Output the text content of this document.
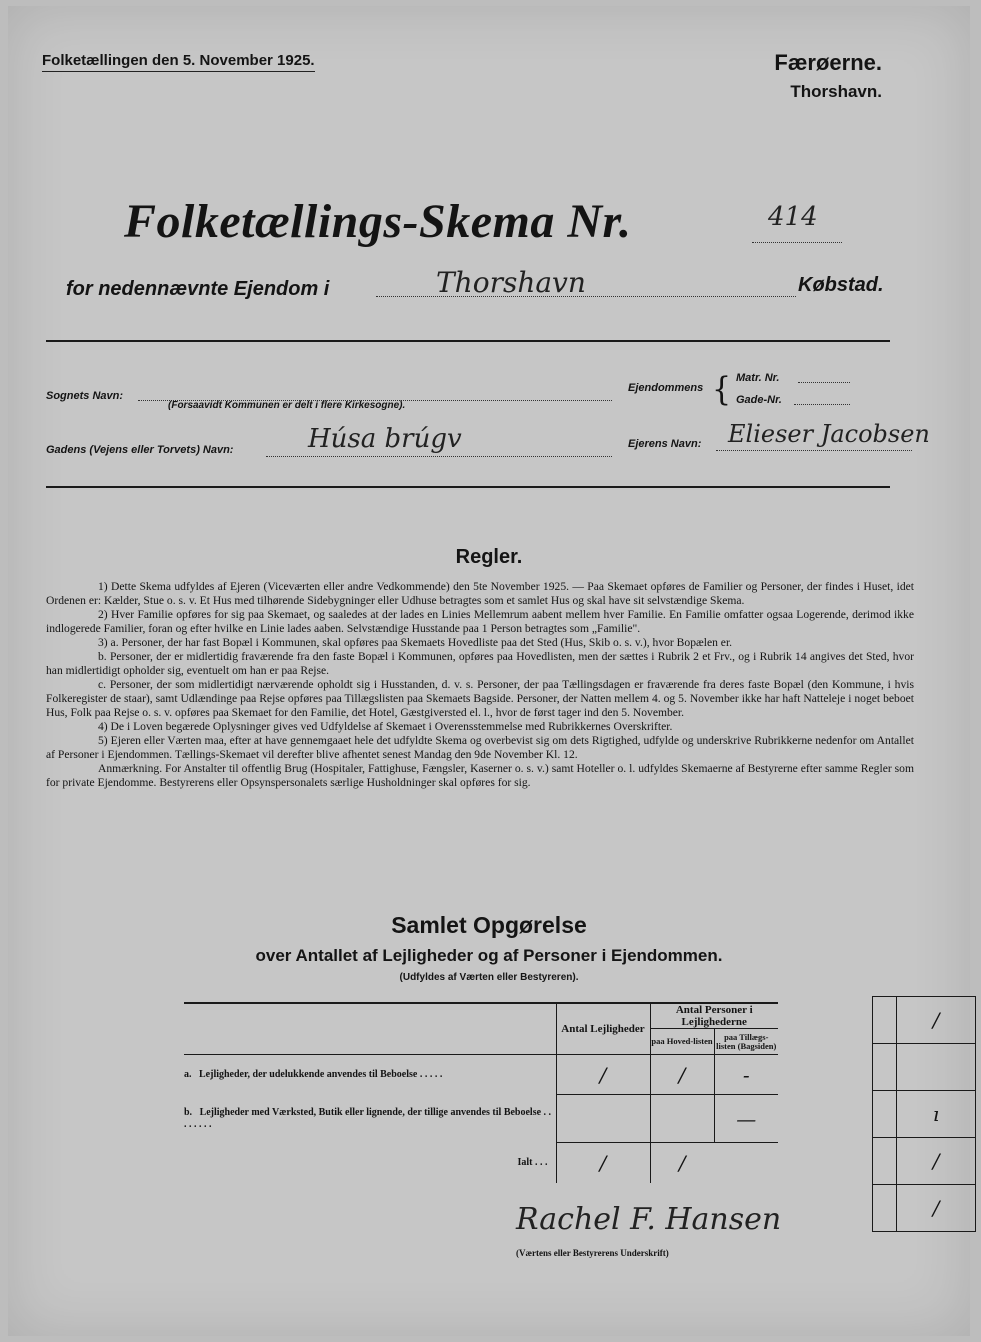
Folketællingen den 5. November 1925.	Færøerne.
Thorshavn.
Folketællings-Skema Nr.	414
for nedennævnte Ejendom i	Thorshavn	Købstad.
Sognets Navn:
(Forsaavidt Kommunen er delt i flere Kirkesogne).
Ejendommens { Matr. Nr.
Gade-Nr.
Gadens (Vejens eller Torvets) Navn:	Húsa brúgv	Ejerens Navn: Elieser Jacobsen
Regler.

1) Dette Skema udfyldes af Ejeren (Viceværten eller andre Vedkommende) den 5te November 1925. — Paa Skemaet opføres de Familier og Personer, der findes i Huset, idet Ordenen er: Kælder, Stue o. s. v. Et Hus med tilhørende Sidebygninger eller Udhuse betragtes som et samlet Hus og skal have sit selvstændige Skema.

2) Hver Familie opføres for sig paa Skemaet, og saaledes at der lades en Linies Mellemrum aabent mellem hver Familie. En Familie omfatter ogsaa Logerende, derimod ikke indlogerede Familier, foran og efter hvilke en Linie lades aaben. Selvstændige Husstande paa 1 Person betragtes som „Familie".

3) a. Personer, der har fast Bopæl i Kommunen, skal opføres paa Skemaets Hovedliste paa det Sted (Hus, Skib o. s. v.), hvor Bopælen er.

b. Personer, der er midlertidig fraværende fra den faste Bopæl i Kommunen, opføres paa Hovedlisten, men der sættes i Rubrik 2 et Frv., og i Rubrik 14 angives det Sted, hvor han midlertidigt opholder sig, eventuelt om han er paa Rejse.

c. Personer, der som midlertidigt nærværende opholdt sig i Husstanden, d. v. s. Personer, der paa Tællingsdagen er fraværende fra deres faste Bopæl (den Kommune, i hvis Folkeregister de staar), samt Udlændinge paa Rejse opføres paa Tillægslisten paa Skemaets Bagside. Personer, der Natten mellem 4. og 5. November ikke har haft Natteleje i noget beboet Hus, Folk paa Rejse o. s. v. opføres paa Skemaet for den Familie, det Hotel, Gæstgiversted el. l., hvor de først tager ind den 5. November.

4) De i Loven begærede Oplysninger gives ved Udfyldelse af Skemaet i Overensstemmelse med Rubrikkernes Overskrifter.

5) Ejeren eller Værten maa, efter at have gennemgaaet hele det udfyldte Skema og overbevist sig om dets Rigtighed, udfylde og underskrive Rubrikkerne nedenfor om Antallet af Personer i Ejendommen. Tællings-Skemaet vil derefter blive afhentet senest Mandag den 9de November Kl. 12.

Anmærkning. For Anstalter til offentlig Brug (Hospitaler, Fattighuse, Fængsler, Kaserner o. s. v.) samt Hoteller o. l. udfyldes Skemaerne af Bestyrerne efter samme Regler som for private Ejendomme. Bestyrerens eller Opsynspersonalets særlige Husholdninger skal opføres for sig.

Samlet Opgørelse
over Antallet af Lejligheder og af Personer i Ejendommen.
(Udfyldes af Værten eller Bestyreren).
	Antal Lejligheder	Antal Personer i Lejlighederne	
		paa Hoved-listen	paa Tillægs-listen (Bagsiden)
a. Lejligheder, der udelukkende anvendes til Beboelse . . . . .	/	/	-
b. Lejligheder med Værksted, Butik eller lignende, der tillige anvendes til Beboelse . . . . . . . .			—
Ialt . . .	/	/	
	/

	ı
	/
	/
Rachel F. Hansen
(Værtens eller Bestyrerens Underskrift)
